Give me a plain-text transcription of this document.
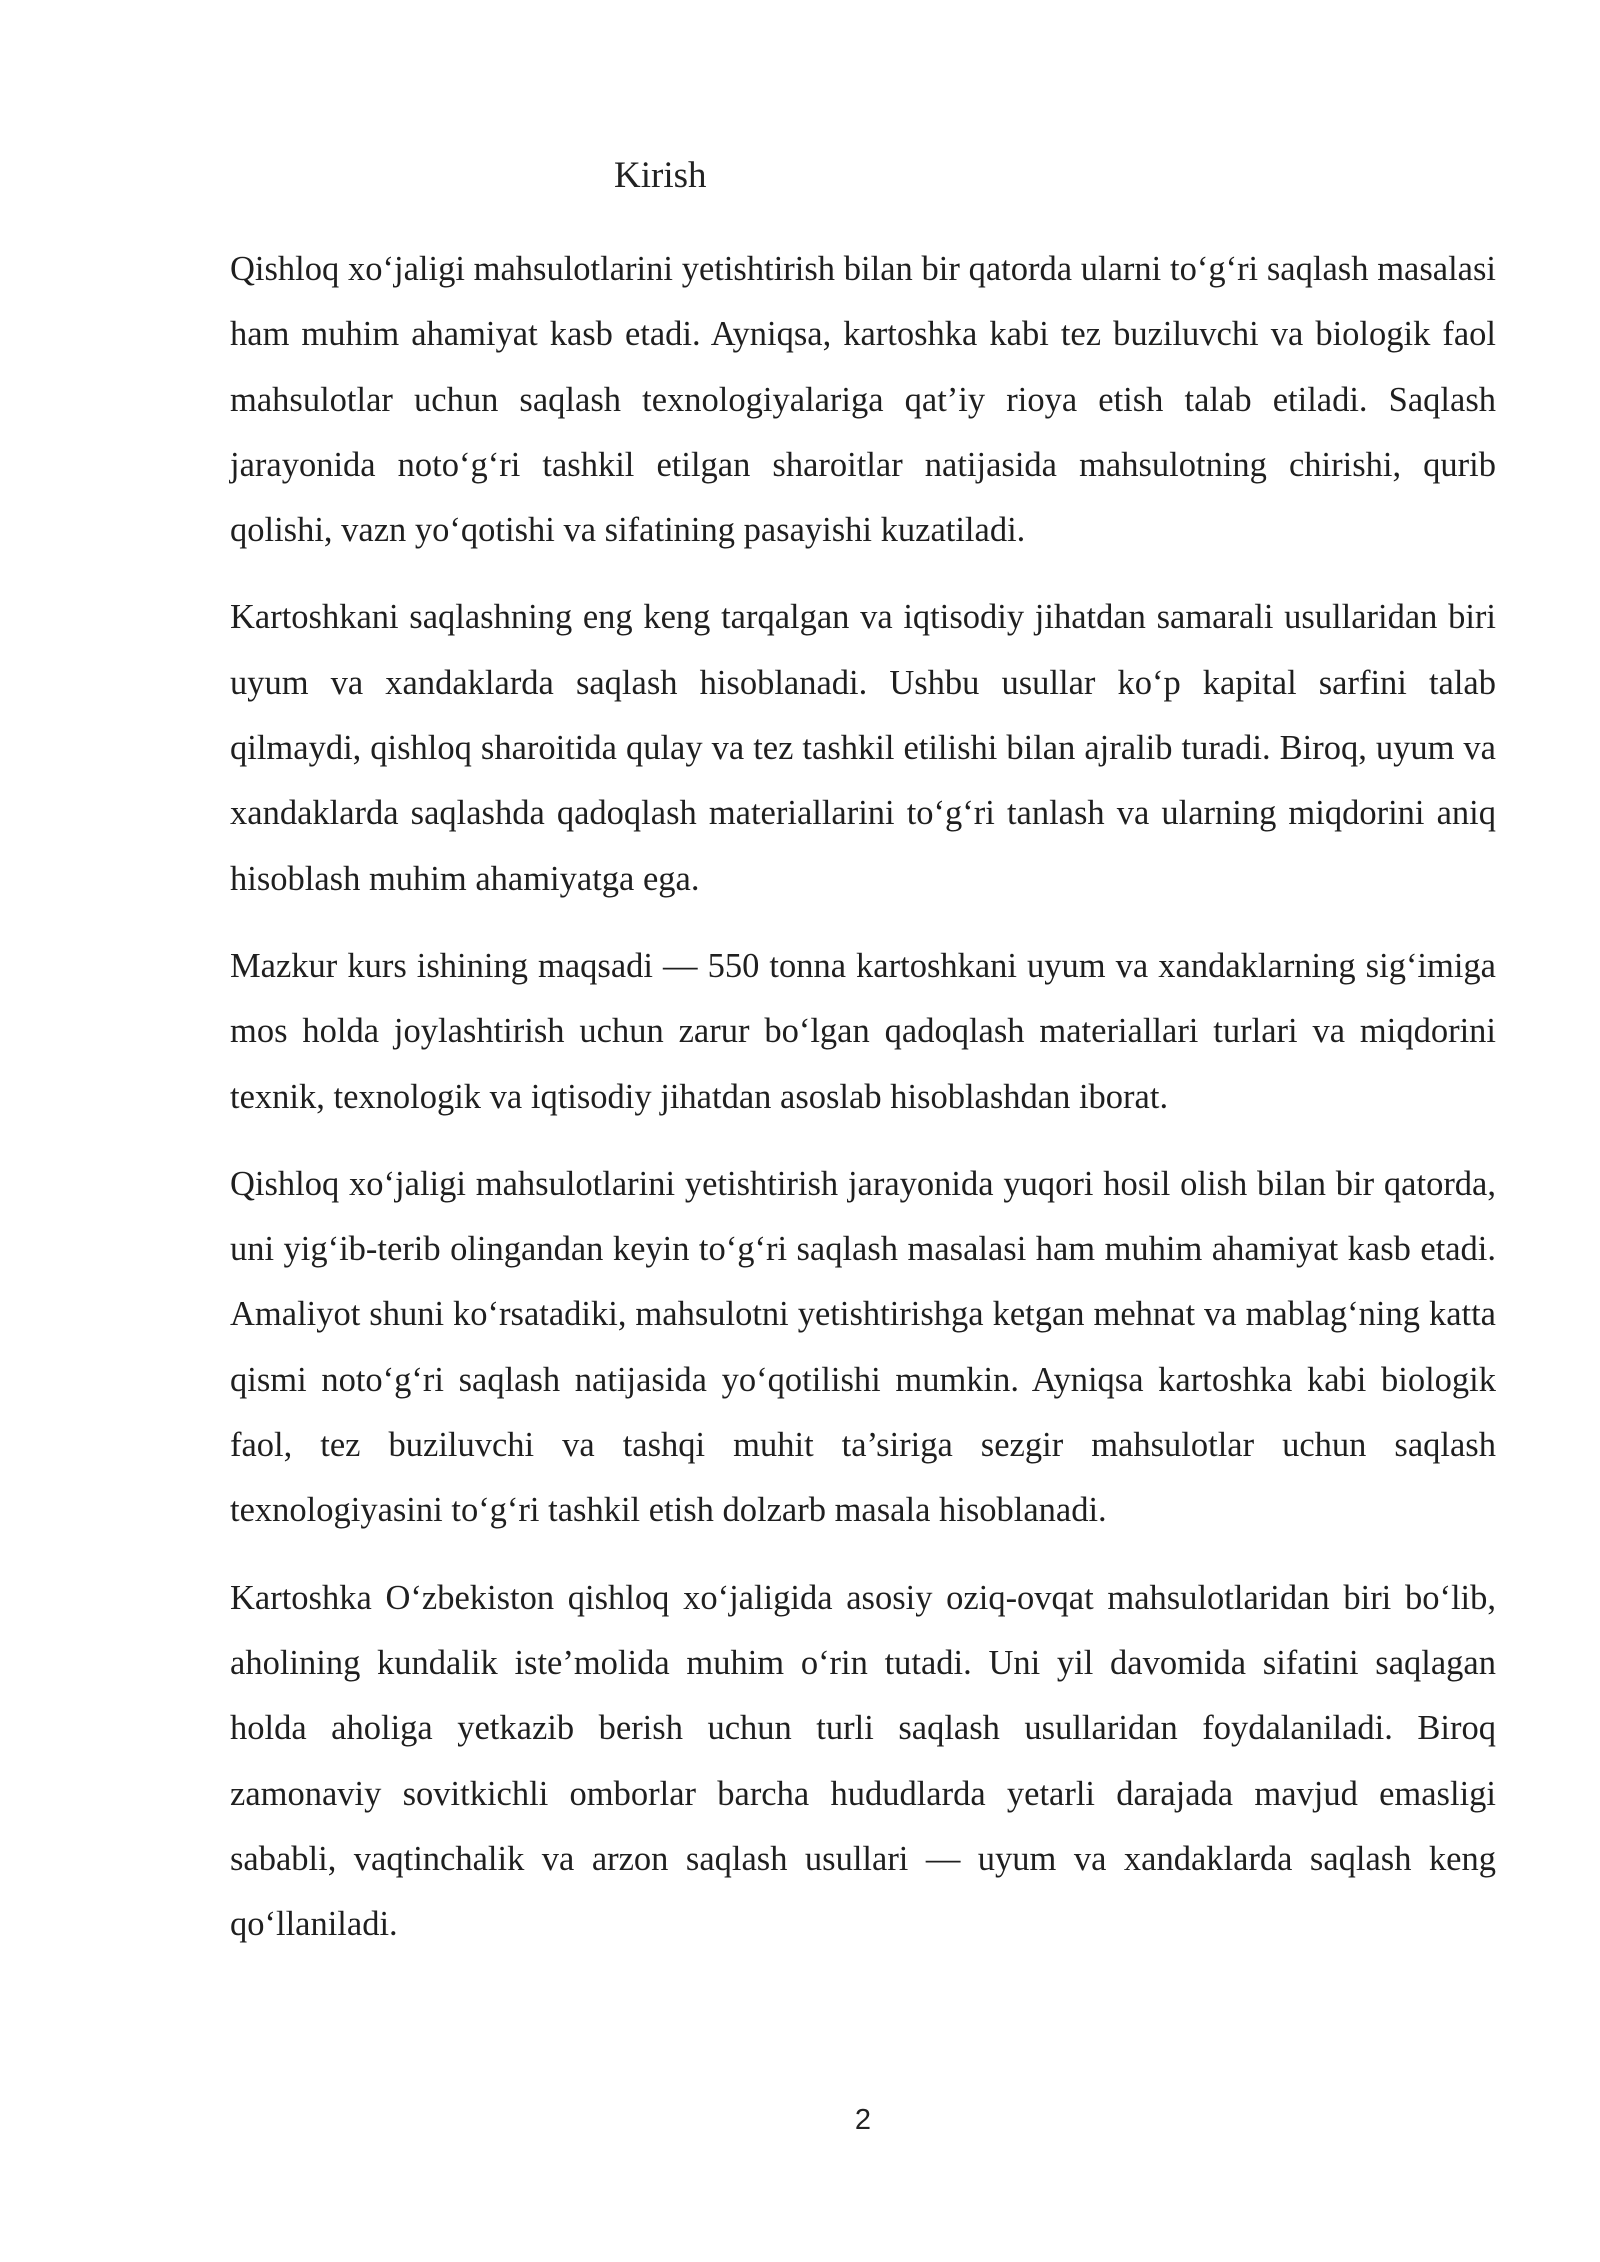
Kirish

Qishloq xo‘jaligi mahsulotlarini yetishtirish bilan bir qatorda ularni to‘g‘ri saqlash masalasi ham muhim ahamiyat kasb etadi. Ayniqsa, kartoshka kabi tez buziluvchi va biologik faol mahsulotlar uchun saqlash texnologiyalariga qat’iy rioya etish talab etiladi. Saqlash jarayonida noto‘g‘ri tashkil etilgan sharoitlar natijasida mahsulotning chirishi, qurib qolishi, vazn yo‘qotishi va sifatining pasayishi kuzatiladi.

Kartoshkani saqlashning eng keng tarqalgan va iqtisodiy jihatdan samarali usullaridan biri uyum va xandaklarda saqlash hisoblanadi. Ushbu usullar ko‘p kapital sarfini talab qilmaydi, qishloq sharoitida qulay va tez tashkil etilishi bilan ajralib turadi. Biroq, uyum va xandaklarda saqlashda qadoqlash materiallarini to‘g‘ri tanlash va ularning miqdorini aniq hisoblash muhim ahamiyatga ega.

Mazkur kurs ishining maqsadi — 550 tonna kartoshkani uyum va xandaklarning sig‘imiga mos holda joylashtirish uchun zarur bo‘lgan qadoqlash materiallari turlari va miqdorini texnik, texnologik va iqtisodiy jihatdan asoslab hisoblashdan iborat.

Qishloq xo‘jaligi mahsulotlarini yetishtirish jarayonida yuqori hosil olish bilan bir qatorda, uni yig‘ib-terib olingandan keyin to‘g‘ri saqlash masalasi ham muhim ahamiyat kasb etadi. Amaliyot shuni ko‘rsatadiki, mahsulotni yetishtirishga ketgan mehnat va mablag‘ning katta qismi noto‘g‘ri saqlash natijasida yo‘qotilishi mumkin. Ayniqsa kartoshka kabi biologik faol, tez buziluvchi va tashqi muhit ta’siriga sezgir mahsulotlar uchun saqlash texnologiyasini to‘g‘ri tashkil etish dolzarb masala hisoblanadi.

Kartoshka O‘zbekiston qishloq xo‘jaligida asosiy oziq-ovqat mahsulotlaridan biri bo‘lib, aholining kundalik iste’molida muhim o‘rin tutadi. Uni yil davomida sifatini saqlagan holda aholiga yetkazib berish uchun turli saqlash usullaridan foydalaniladi. Biroq zamonaviy sovitkichli omborlar barcha hududlarda yetarli darajada mavjud emasligi sababli, vaqtinchalik va arzon saqlash usullari — uyum va xandaklarda saqlash keng qo‘llaniladi.

2
